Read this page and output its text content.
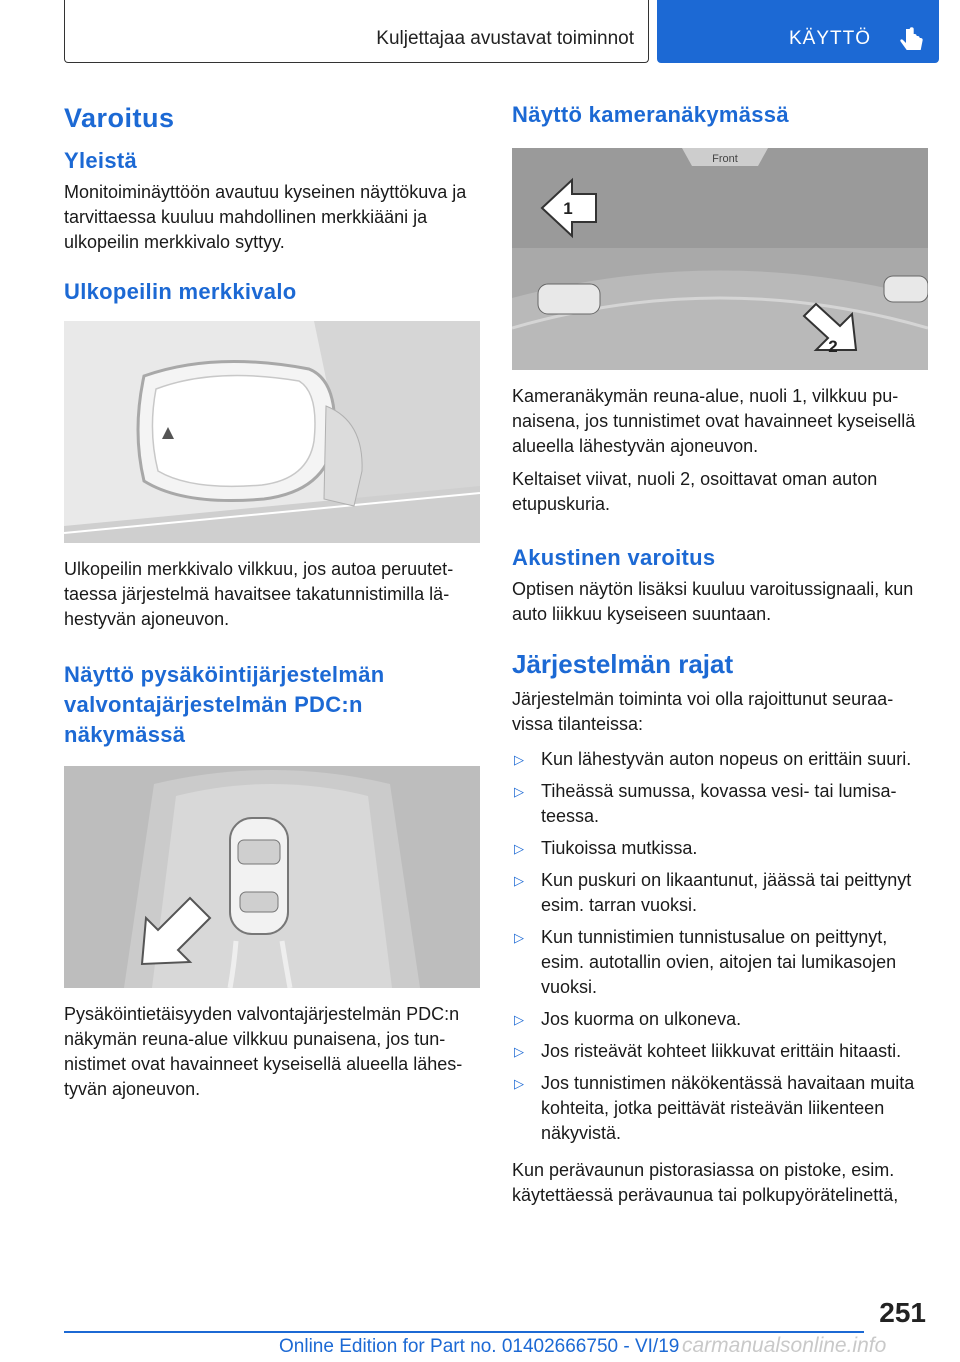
Kuljettajaa avustavat toiminnot	KÄYTTÖ
Varoitus
Yleistä

Monitoiminäyttöön avautuu kyseinen näyttökuva ja tarvittaessa kuuluu mahdollinen merkkiääni ja ulkopeilin merkkivalo syttyy.

Ulkopeilin merkkivalo

Ulkopeilin merkkivalo vilkkuu, jos autoa peruutettaessa järjestelmä havaitsee takatunnistimilla lähestyvän ajoneuvon.

Näyttö pysäköintijärjestelmän valvontajärjestelmän PDC:n näkymässä

Pysäköintietäisyyden valvontajärjestelmän PDC:n näkymän reuna-alue vilkkuu punaisena, jos tunnistimet ovat havainneet kyseisellä alueella lähestyvän ajoneuvon.

Näyttö kameranäkymässä
Front
1
2

Kameranäkymän reuna-alue, nuoli 1, vilkkuu punaisena, jos tunnistimet ovat havainneet kyseisellä alueella lähestyvän ajoneuvon.

Keltaiset viivat, nuoli 2, osoittavat oman auton etupuskuria.

Akustinen varoitus

Optisen näytön lisäksi kuuluu varoitussignaali, kun auto liikkuu kyseiseen suuntaan.

Järjestelmän rajat

Järjestelmän toiminta voi olla rajoittunut seuraavissa tilanteissa:

▷ Kun lähestyvän auton nopeus on erittäin suuri.
▷ Tiheässä sumussa, kovassa vesi- tai lumisateessa.
▷ Tiukoissa mutkissa.
▷ Kun puskuri on likaantunut, jäässä tai peittynyt esim. tarran vuoksi.
▷ Kun tunnistimien tunnistusalue on peittynyt, esim. autotallin ovien, aitojen tai lumikasojen vuoksi.
▷ Jos kuorma on ulkoneva.
▷ Jos risteävät kohteet liikkuvat erittäin hitaasti.
▷ Jos tunnistimen näkökentässä havaitaan muita kohteita, jotka peittävät risteävän liikenteen näkyvistä.

Kun perävaunun pistorasiassa on pistoke, esim. käytettäessä perävaunua tai polkupyörätelinettä,

251
Online Edition for Part no. 01402666750 - VI/19 carmanualsonline.info
